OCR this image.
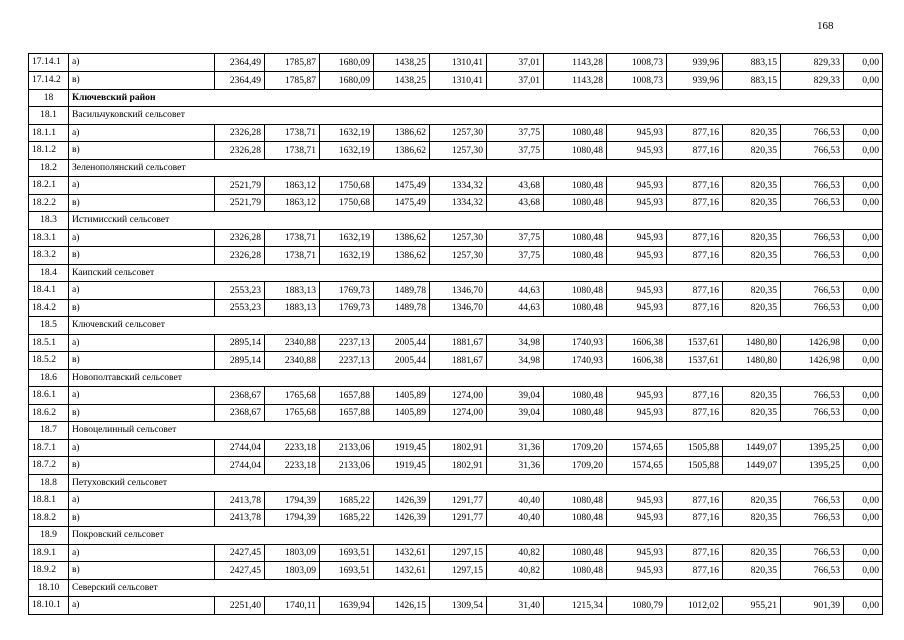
168
17.14.1	а)	2364,49	1785,87	1680,09	1438,25	1310,41	37,01	1143,28	1008,73	939,96	883,15	829,33	0,00
17.14.2	в)	2364,49	1785,87	1680,09	1438,25	1310,41	37,01	1143,28	1008,73	939,96	883,15	829,33	0,00
18	Ключевский район												
18.1	Васильчуковский сельсовет												
18.1.1	а)	2326,28	1738,71	1632,19	1386,62	1257,30	37,75	1080,48	945,93	877,16	820,35	766,53	0,00
18.1.2	в)	2326,28	1738,71	1632,19	1386,62	1257,30	37,75	1080,48	945,93	877,16	820,35	766,53	0,00
18.2	Зеленополянский сельсовет												
18.2.1	а)	2521,79	1863,12	1750,68	1475,49	1334,32	43,68	1080,48	945,93	877,16	820,35	766,53	0,00
18.2.2	в)	2521,79	1863,12	1750,68	1475,49	1334,32	43,68	1080,48	945,93	877,16	820,35	766,53	0,00
18.3	Истимисский сельсовет												
18.3.1	а)	2326,28	1738,71	1632,19	1386,62	1257,30	37,75	1080,48	945,93	877,16	820,35	766,53	0,00
18.3.2	в)	2326,28	1738,71	1632,19	1386,62	1257,30	37,75	1080,48	945,93	877,16	820,35	766,53	0,00
18.4	Каипский сельсовет												
18.4.1	а)	2553,23	1883,13	1769,73	1489,78	1346,70	44,63	1080,48	945,93	877,16	820,35	766,53	0,00
18.4.2	в)	2553,23	1883,13	1769,73	1489,78	1346,70	44,63	1080,48	945,93	877,16	820,35	766,53	0,00
18.5	Ключевский сельсовет												
18.5.1	а)	2895,14	2340,88	2237,13	2005,44	1881,67	34,98	1740,93	1606,38	1537,61	1480,80	1426,98	0,00
18.5.2	в)	2895,14	2340,88	2237,13	2005,44	1881,67	34,98	1740,93	1606,38	1537,61	1480,80	1426,98	0,00
18.6	Новополтавский сельсовет												
18.6.1	а)	2368,67	1765,68	1657,88	1405,89	1274,00	39,04	1080,48	945,93	877,16	820,35	766,53	0,00
18.6.2	в)	2368,67	1765,68	1657,88	1405,89	1274,00	39,04	1080,48	945,93	877,16	820,35	766,53	0,00
18.7	Новоцелинный сельсовет												
18.7.1	а)	2744,04	2233,18	2133,06	1919,45	1802,91	31,36	1709,20	1574,65	1505,88	1449,07	1395,25	0,00
18.7.2	в)	2744,04	2233,18	2133,06	1919,45	1802,91	31,36	1709,20	1574,65	1505,88	1449,07	1395,25	0,00
18.8	Петуховский сельсовет												
18.8.1	а)	2413,78	1794,39	1685,22	1426,39	1291,77	40,40	1080,48	945,93	877,16	820,35	766,53	0,00
18.8.2	в)	2413,78	1794,39	1685,22	1426,39	1291,77	40,40	1080,48	945,93	877,16	820,35	766,53	0,00
18.9	Покровский сельсовет												
18.9.1	а)	2427,45	1803,09	1693,51	1432,61	1297,15	40,82	1080,48	945,93	877,16	820,35	766,53	0,00
18.9.2	в)	2427,45	1803,09	1693,51	1432,61	1297,15	40,82	1080,48	945,93	877,16	820,35	766,53	0,00
18.10	Северский сельсовет												
18.10.1	а)	2251,40	1740,11	1639,94	1426,15	1309,54	31,40	1215,34	1080,79	1012,02	955,21	901,39	0,00
